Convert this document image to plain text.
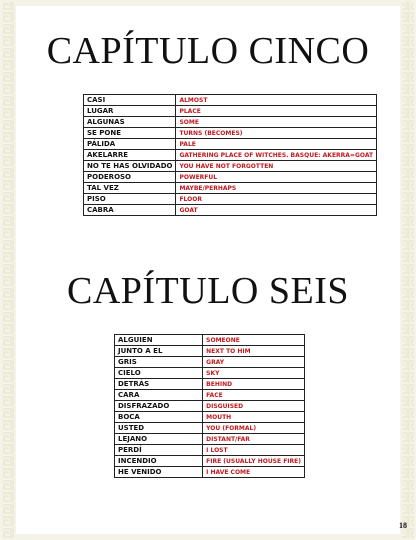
CAPÍTULO CINCO
CASI	ALMOST
LUGAR	PLACE
ALGUNAS	SOME
SE PONE	TURNS (BECOMES)
PÁLIDA	PALE
AKELARRE	GATHERING PLACE OF WITCHES. BASQUE: AKERRA=GOAT
NO TE HAS OLVIDADO	YOU HAVE NOT FORGOTTEN
PODEROSO	POWERFUL
TAL VEZ	MAYBE/PERHAPS
PISO	FLOOR
CABRA	GOAT
CAPÍTULO SEIS
ALGUIEN	SOMEONE
JUNTO A EL	NEXT TO HIM
GRIS	GRAY
CIELO	SKY
DETRÁS	BEHIND
CARA	FACE
DISFRAZADO	DISGUISED
BOCA	MOUTH
USTED	YOU (FORMAL)
LEJANO	DISTANT/FAR
PERDÍ	I LOST
INCENDIO	FIRE (USUALLY HOUSE FIRE)
HE VENIDO	I HAVE COME
18
